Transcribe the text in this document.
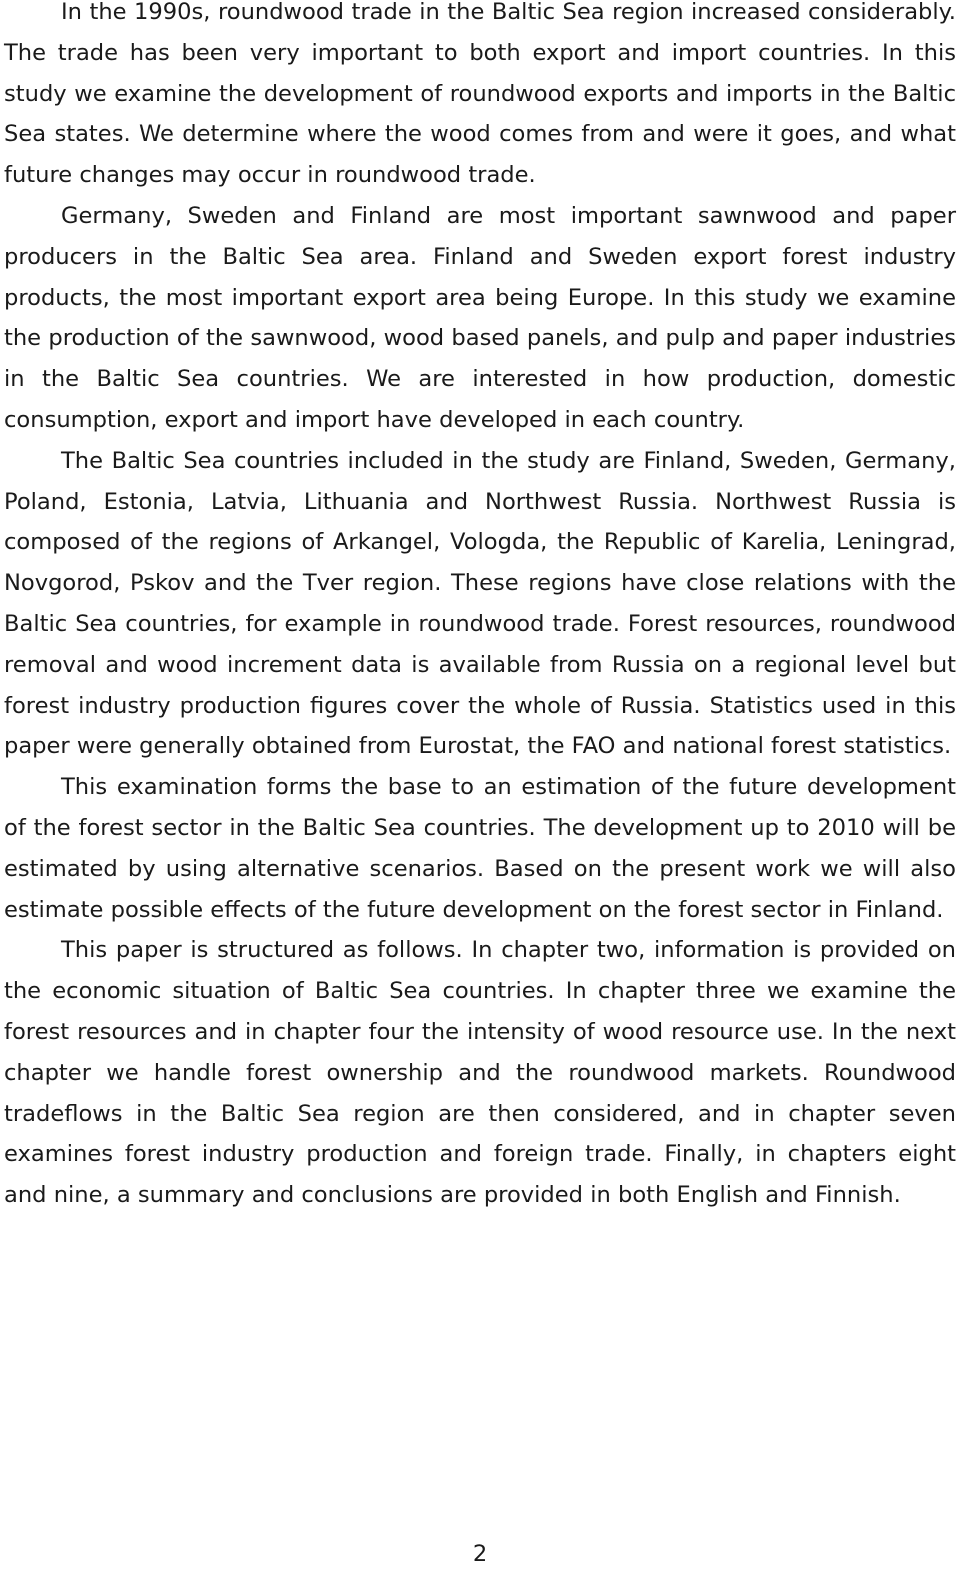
In the 1990s, roundwood trade in the Baltic Sea region increased considerably. The trade has been very important to both export and import countries. In this study we examine the development of roundwood exports and imports in the Baltic Sea states. We determine where the wood comes from and were it goes, and what future changes may occur in roundwood trade.

Germany, Sweden and Finland are most important sawnwood and paper producers in the Baltic Sea area. Finland and Sweden export forest industry products, the most important export area being Europe. In this study we examine the production of the sawnwood, wood based panels, and pulp and paper industries in the Baltic Sea countries. We are interested in how production, domestic consumption, export and import have developed in each country.

The Baltic Sea countries included in the study are Finland, Sweden, Germany, Poland, Estonia, Latvia, Lithuania and Northwest Russia. Northwest Russia is composed of the regions of Arkangel, Vologda, the Republic of Karelia, Leningrad, Novgorod, Pskov and the Tver region. These regions have close relations with the Baltic Sea countries, for example in roundwood trade. Forest resources, roundwood removal and wood increment data is available from Russia on a regional level but forest industry production figures cover the whole of Russia. Statistics used in this paper were generally obtained from Eurostat, the FAO and national forest statistics.

This examination forms the base to an estimation of the future development of the forest sector in the Baltic Sea countries. The development up to 2010 will be estimated by using alternative scenarios. Based on the present work we will also estimate possible effects of the future development on the forest sector in Finland.

This paper is structured as follows. In chapter two, information is provided on the economic situation of Baltic Sea countries. In chapter three we examine the forest resources and in chapter four the intensity of wood resource use. In the next chapter we handle forest ownership and the roundwood markets. Roundwood tradeflows in the Baltic Sea region are then considered, and in chapter seven examines forest industry production and foreign trade. Finally, in chapters eight and nine, a summary and conclusions are provided in both English and Finnish.

2
